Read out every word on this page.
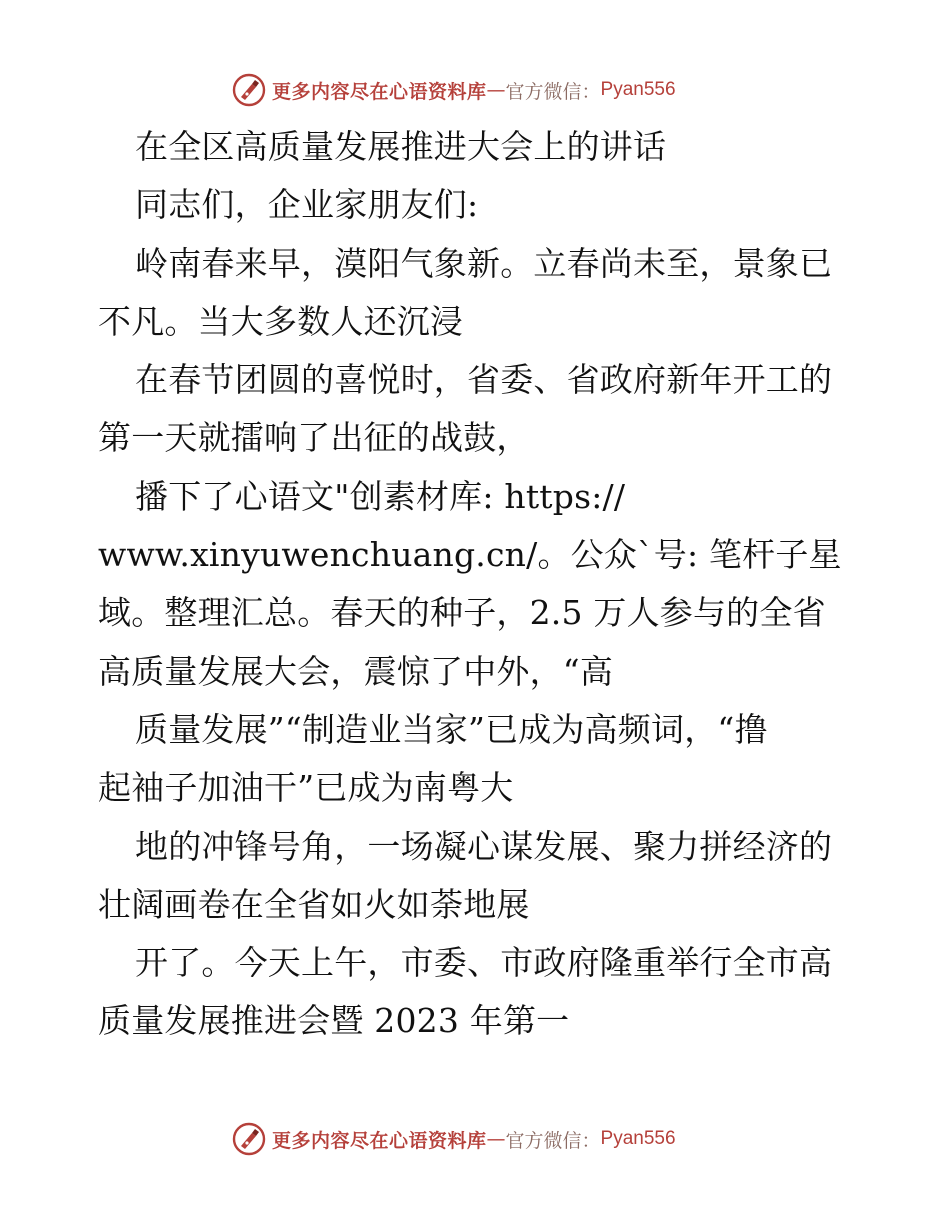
更多内容尽在心语资料库 — 官方微信： Pyan556
在全区高质量发展推进大会上的讲话
同志们，企业家朋友们:
岭南春来早，漠阳气象新。立春尚未至，景象已
不凡。当大多数人还沉浸
在春节团圆的喜悦时，省委、省政府新年开工的
第一天就擂响了出征的战鼓，
播下了心语文"创素材库: https://
www.xinyuwenchuang.cn/。公众`号: 笔杆子星
域。整理汇总。春天的种子，2.5 万人参与的全省
高质量发展大会，震惊了中外，“高
质量发展”“制造业当家”已成为高频词，“撸
起袖子加油干”已成为南粤大
地的冲锋号角，一场凝心谋发展、聚力拼经济的
壮阔画卷在全省如火如荼地展
开了。今天上午，市委、市政府隆重举行全市高
质量发展推进会暨 2023 年第一
更多内容尽在心语资料库 — 官方微信： Pyan556
